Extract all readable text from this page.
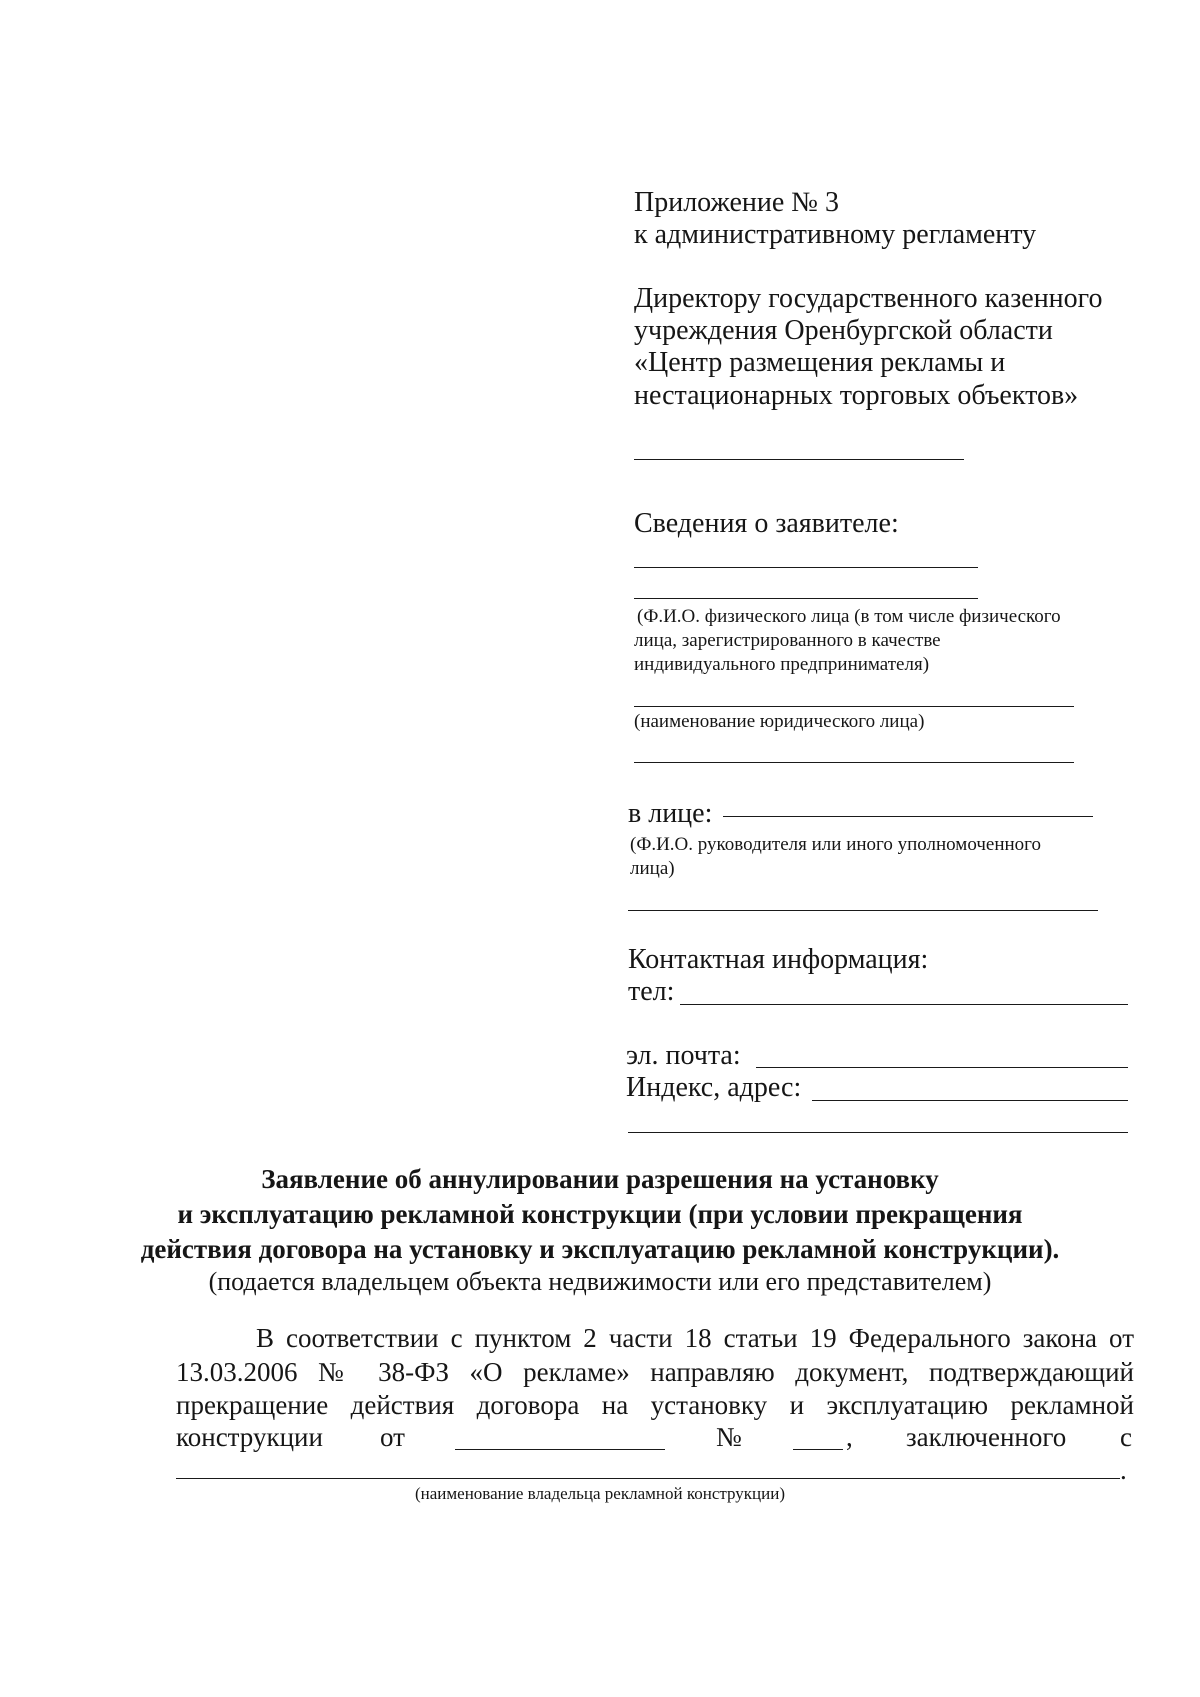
Приложение № 3
к административному регламенту
Директору государственного казенного
учреждения Оренбургской области
«Центр размещения рекламы и
нестационарных торговых объектов»
Сведения о заявителе:
(Ф.И.О. физического лица (в том числе физического
лица, зарегистрированного в качестве
индивидуального предпринимателя)
(наименование юридического лица)
в лице:
(Ф.И.О. руководителя или иного уполномоченного
лица)
Контактная информация:
тел:
эл. почта:
Индекс, адрес:
Заявление об аннулировании разрешения на установку
и эксплуатацию рекламной конструкции (при условии прекращения
действия договора на установку и эксплуатацию рекламной конструкции).
(подается владельцем объекта недвижимости или его представителем)
В соответствии с пунктом 2 части 18 статьи 19 Федерального закона от
13.03.2006 № 38-ФЗ «О рекламе» направляю документ, подтверждающий
прекращение действия договора на установку и эксплуатацию рекламной
конструкции от	№	, заключенного с
.
(наименование владельца рекламной конструкции)
